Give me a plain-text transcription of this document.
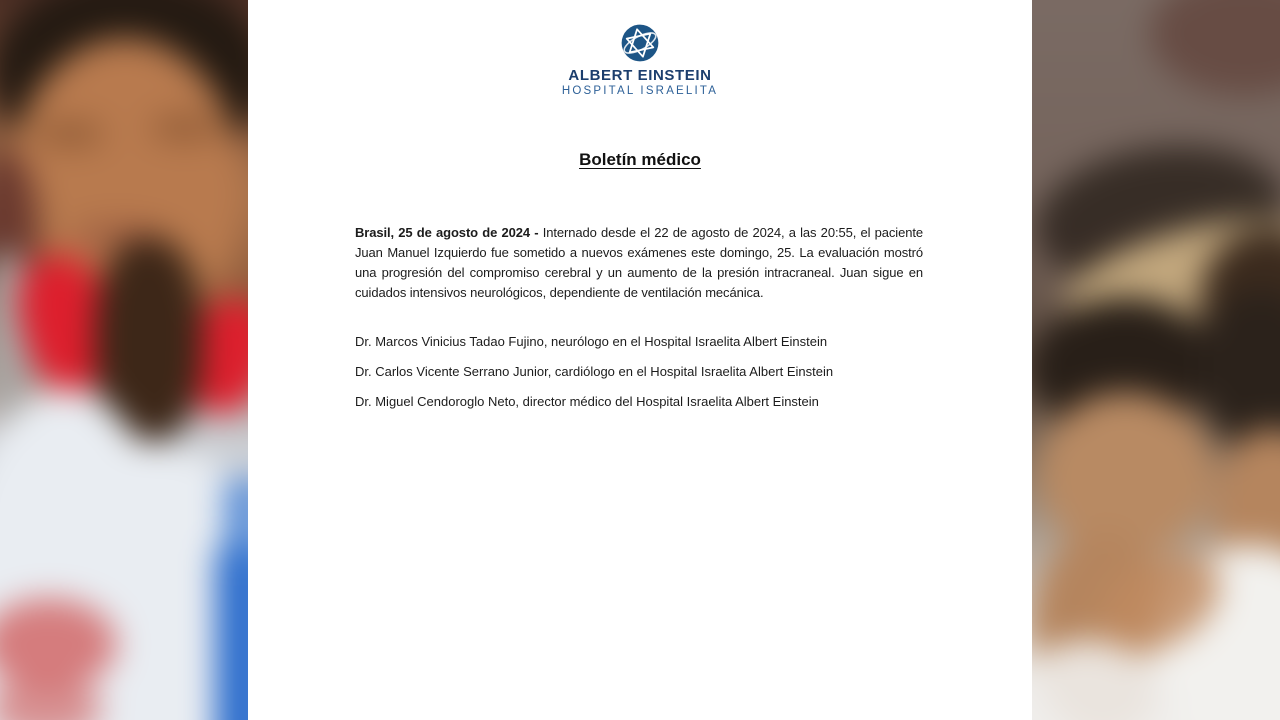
ALBERT EINSTEIN
HOSPITAL ISRAELITA
Boletín médico

Brasil, 25 de agosto de 2024 - Internado desde el 22 de agosto de 2024, a las 20:55, el paciente Juan Manuel Izquierdo fue sometido a nuevos exámenes este domingo, 25. La evaluación mostró una progresión del compromiso cerebral y un aumento de la presión intracraneal. Juan sigue en cuidados intensivos neurológicos, dependiente de ventilación mecánica.

Dr. Marcos Vinicius Tadao Fujino, neurólogo en el Hospital Israelita Albert Einstein
Dr. Carlos Vicente Serrano Junior, cardiólogo en el Hospital Israelita Albert Einstein
Dr. Miguel Cendoroglo Neto, director médico del Hospital Israelita Albert Einstein
